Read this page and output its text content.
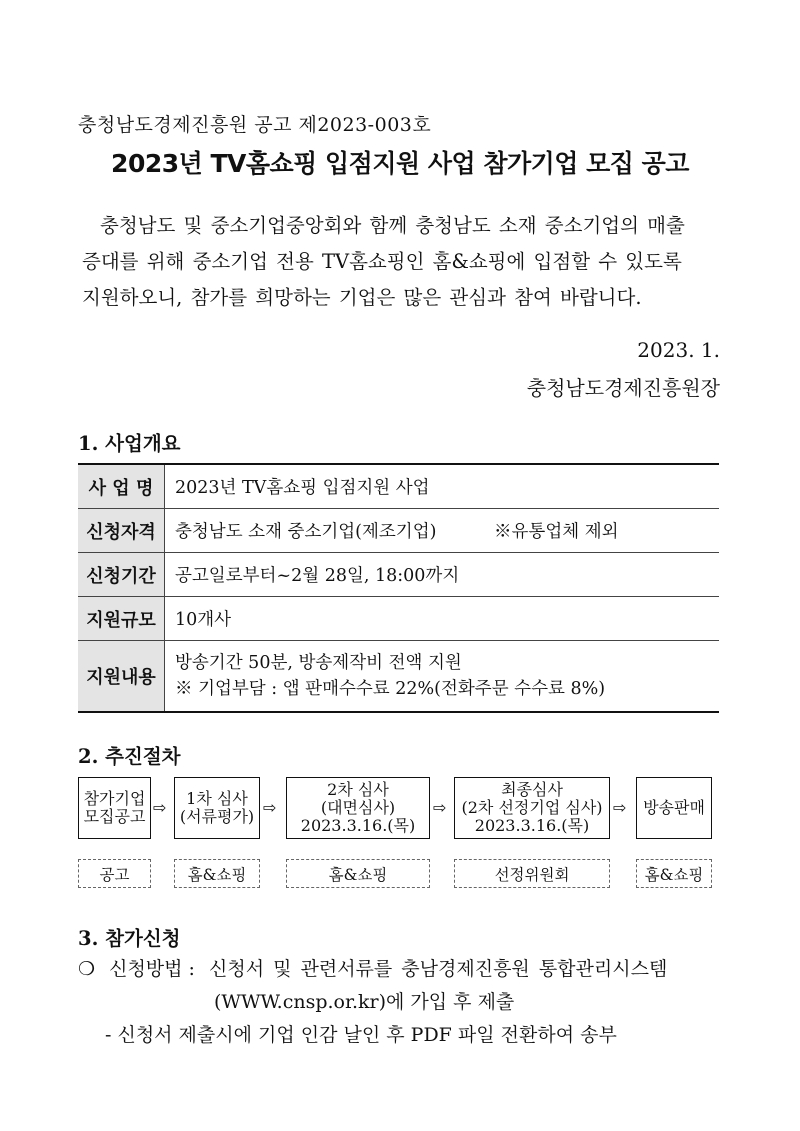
충청남도경제진흥원 공고 제2023-003호
2023년 TV홈쇼핑 입점지원 사업 참가기업 모집 공고

충청남도 및 중소기업중앙회와 함께 충청남도 소재 중소기업의 매출

증대를 위해 중소기업 전용 TV홈쇼핑인 홈&쇼핑에 입점할 수 있도록

지원하오니, 참가를 희망하는 기업은 많은 관심과 참여 바랍니다.

2023. 1.
충청남도경제진흥원장
1. 사업개요
사 업 명	2023년 TV홈쇼핑 입점지원 사업
신청자격	충청남도 소재 중소기업(제조기업) ※유통업체 제외
신청기간	공고일로부터~2월 28일, 18:00까지
지원규모	10개사
지원내용	방송기간 50분, 방송제작비 전액 지원
※ 기업부담 : 앱 판매수수료 22%(전화주문 수수료 8%)
2. 추진절차
참가기업
모집공고 ⇨	1차 심사
(서류평가) ⇨
2차 심사
(대면심사)
2023.3.16.(목)
⇨
최종심사
(2차 선정기업 심사)
2023.3.16.(목)
⇨ 방송판매
공고	홈&쇼핑	홈&쇼핑	선정위원회	홈&쇼핑
3. 참가신청
❍ 신청방법 : 신청서 및 관련서류를 충남경제진흥원 통합관리시스템
(WWW.cnsp.or.kr)에 가입 후 제출
- 신청서 제출시에 기업 인감 날인 후 PDF 파일 전환하여 송부
